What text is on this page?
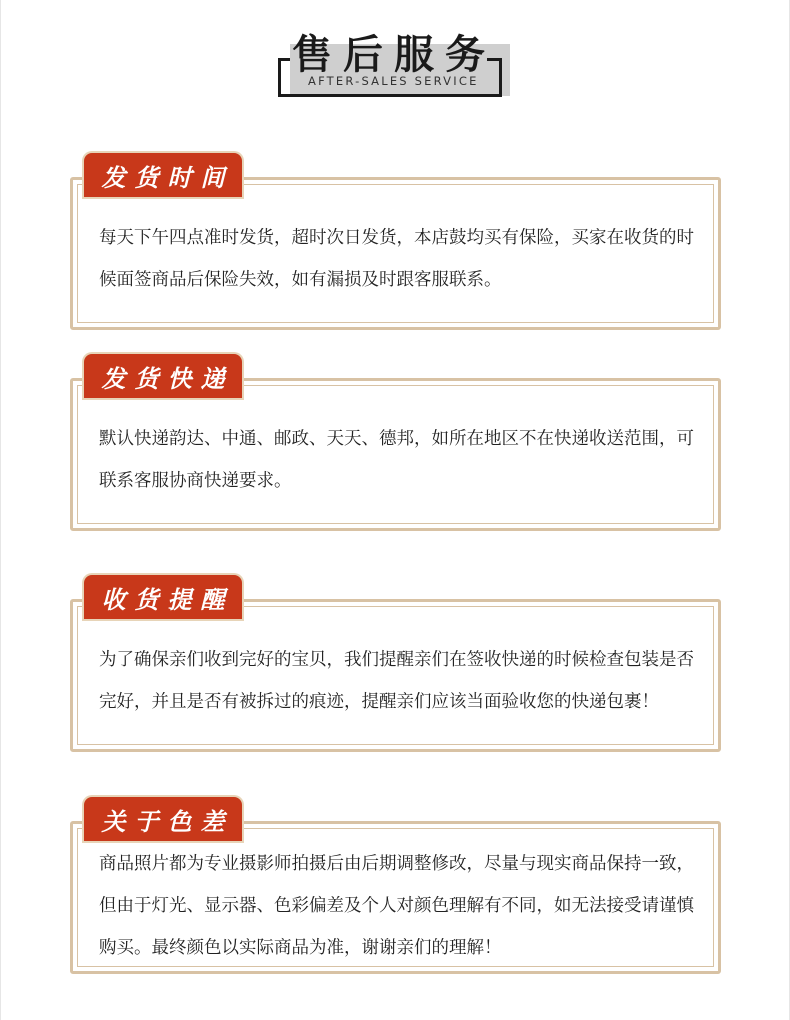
售后服务
AFTER-SALES SERVICE
发货时间
每天下午四点准时发货，超时次日发货，本店鼓均买有保险，买家在收货的时候面签商品后保险失效，如有漏损及时跟客服联系。
发货快递
默认快递韵达、中通、邮政、天天、德邦，如所在地区不在快递收送范围，可联系客服协商快递要求。
收货提醒
为了确保亲们收到完好的宝贝，我们提醒亲们在签收快递的时候检查包装是否完好，并且是否有被拆过的痕迹，提醒亲们应该当面验收您的快递包裹！
关于色差
商品照片都为专业摄影师拍摄后由后期调整修改，尽量与现实商品保持一致，但由于灯光、显示器、色彩偏差及个人对颜色理解有不同，如无法接受请谨慎购买。最终颜色以实际商品为准，谢谢亲们的理解！
